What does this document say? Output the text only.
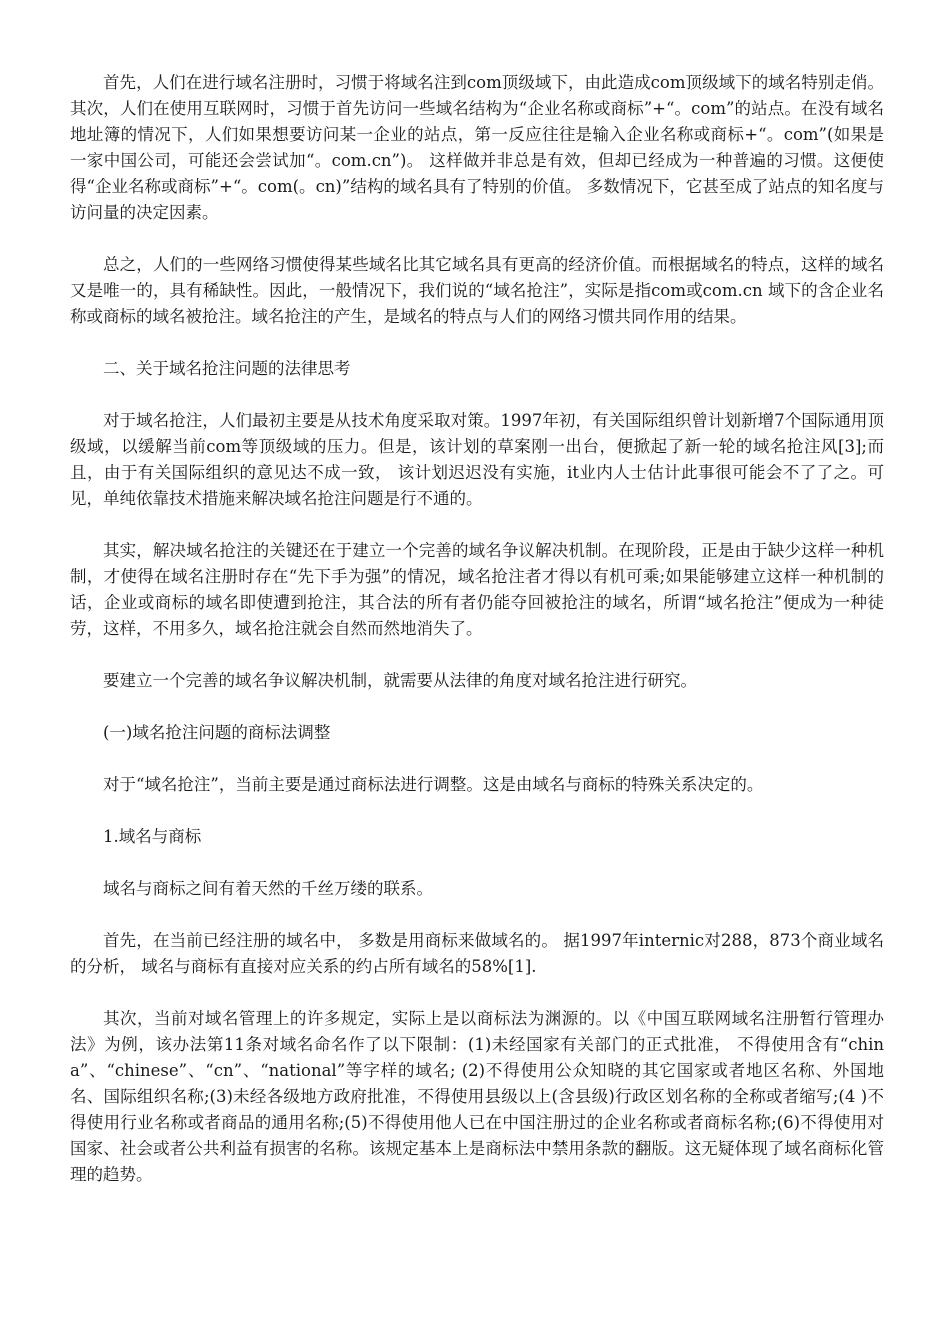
首先，人们在进行域名注册时，习惯于将域名注到com顶级域下，由此造成com顶级域下的域名特别走俏。 其次，人们在使用互联网时，习惯于首先访问一些域名结构为“企业名称或商标”+“。com”的站点。在没有域名地址簿的情况下，人们如果想要访问某一企业的站点，第一反应往往是输入企业名称或商标+“。com”(如果是一家中国公司，可能还会尝试加“。com.cn”)。 这样做并非总是有效，但却已经成为一种普遍的习惯。这便使得“企业名称或商标”+“。com(。cn)”结构的域名具有了特别的价值。 多数情况下，它甚至成了站点的知名度与访问量的决定因素。

总之，人们的一些网络习惯使得某些域名比其它域名具有更高的经济价值。而根据域名的特点，这样的域名又是唯一的，具有稀缺性。因此，一般情况下，我们说的“域名抢注”，实际是指com或com.cn 域下的含企业名称或商标的域名被抢注。域名抢注的产生，是域名的特点与人们的网络习惯共同作用的结果。

二、关于域名抢注问题的法律思考

对于域名抢注，人们最初主要是从技术角度采取对策。1997年初，有关国际组织曾计划新增7个国际通用顶级域，以缓解当前com等顶级域的压力。但是，该计划的草案刚一出台，便掀起了新一轮的域名抢注风[3];而且，由于有关国际组织的意见达不成一致， 该计划迟迟没有实施，it业内人士估计此事很可能会不了了之。可见，单纯依靠技术措施来解决域名抢注问题是行不通的。

其实，解决域名抢注的关键还在于建立一个完善的域名争议解决机制。在现阶段，正是由于缺少这样一种机制，才使得在域名注册时存在“先下手为强”的情况，域名抢注者才得以有机可乘;如果能够建立这样一种机制的话，企业或商标的域名即使遭到抢注，其合法的所有者仍能夺回被抢注的域名，所谓“域名抢注”便成为一种徒劳，这样，不用多久，域名抢注就会自然而然地消失了。

要建立一个完善的域名争议解决机制，就需要从法律的角度对域名抢注进行研究。

(一)域名抢注问题的商标法调整

对于“域名抢注”，当前主要是通过商标法进行调整。这是由域名与商标的特殊关系决定的。

1.域名与商标

域名与商标之间有着天然的千丝万缕的联系。

首先，在当前已经注册的域名中， 多数是用商标来做域名的。 据1997年internic对288，873个商业域名的分析， 域名与商标有直接对应关系的约占所有域名的58%[1].

其次，当前对域名管理上的许多规定，实际上是以商标法为渊源的。以《中国互联网域名注册暂行管理办法》为例，该办法第11条对域名命名作了以下限制：(1)未经国家有关部门的正式批准， 不得使用含有“china”、“chinese”、“cn”、“national”等字样的域名; (2)不得使用公众知晓的其它国家或者地区名称、外国地名、国际组织名称;(3)未经各级地方政府批准，不得使用县级以上(含县级)行政区划名称的全称或者缩写;(4 )不得使用行业名称或者商品的通用名称;(5)不得使用他人已在中国注册过的企业名称或者商标名称;(6)不得使用对国家、社会或者公共利益有损害的名称。该规定基本上是商标法中禁用条款的翻版。这无疑体现了域名商标化管理的趋势。
